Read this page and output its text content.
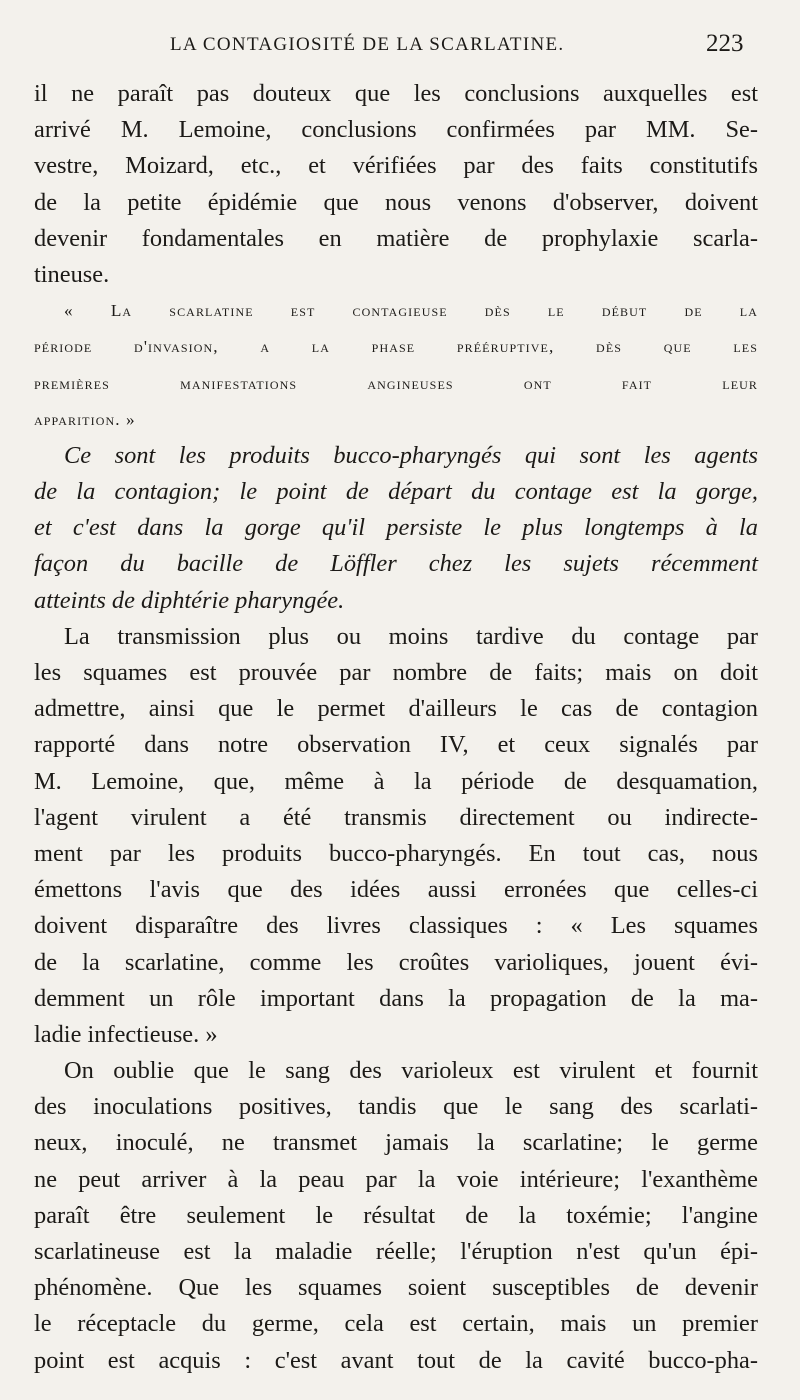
LA CONTAGIOSITÉ DE LA SCARLATINE.	223
il ne paraît pas douteux que les conclusions auxquelles est
arrivé M. Lemoine, conclusions confirmées par MM. Se-
vestre, Moizard, etc., et vérifiées par des faits constitutifs
de la petite épidémie que nous venons d'observer, doivent
devenir fondamentales en matière de prophylaxie scarla-
tineuse.
« La scarlatine est contagieuse dès le début de la
période d'invasion, a la phase prééruptive, dès que les
premières manifestations angineuses ont fait leur
apparition. »
Ce sont les produits bucco-pharyngés qui sont les agents
de la contagion; le point de départ du contage est la gorge,
et c'est dans la gorge qu'il persiste le plus longtemps à la
façon du bacille de Löffler chez les sujets récemment
atteints de diphtérie pharyngée.
La transmission plus ou moins tardive du contage par
les squames est prouvée par nombre de faits; mais on doit
admettre, ainsi que le permet d'ailleurs le cas de contagion
rapporté dans notre observation IV, et ceux signalés par
M. Lemoine, que, même à la période de desquamation,
l'agent virulent a été transmis directement ou indirecte-
ment par les produits bucco-pharyngés. En tout cas, nous
émettons l'avis que des idées aussi erronées que celles-ci
doivent disparaître des livres classiques : « Les squames
de la scarlatine, comme les croûtes varioliques, jouent évi-
demment un rôle important dans la propagation de la ma-
ladie infectieuse. »
On oublie que le sang des varioleux est virulent et fournit
des inoculations positives, tandis que le sang des scarlati-
neux, inoculé, ne transmet jamais la scarlatine; le germe
ne peut arriver à la peau par la voie intérieure; l'exanthème
paraît être seulement le résultat de la toxémie; l'angine
scarlatineuse est la maladie réelle; l'éruption n'est qu'un épi-
phénomène. Que les squames soient susceptibles de devenir
le réceptacle du germe, cela est certain, mais un premier
point est acquis : c'est avant tout de la cavité bucco-pha-
